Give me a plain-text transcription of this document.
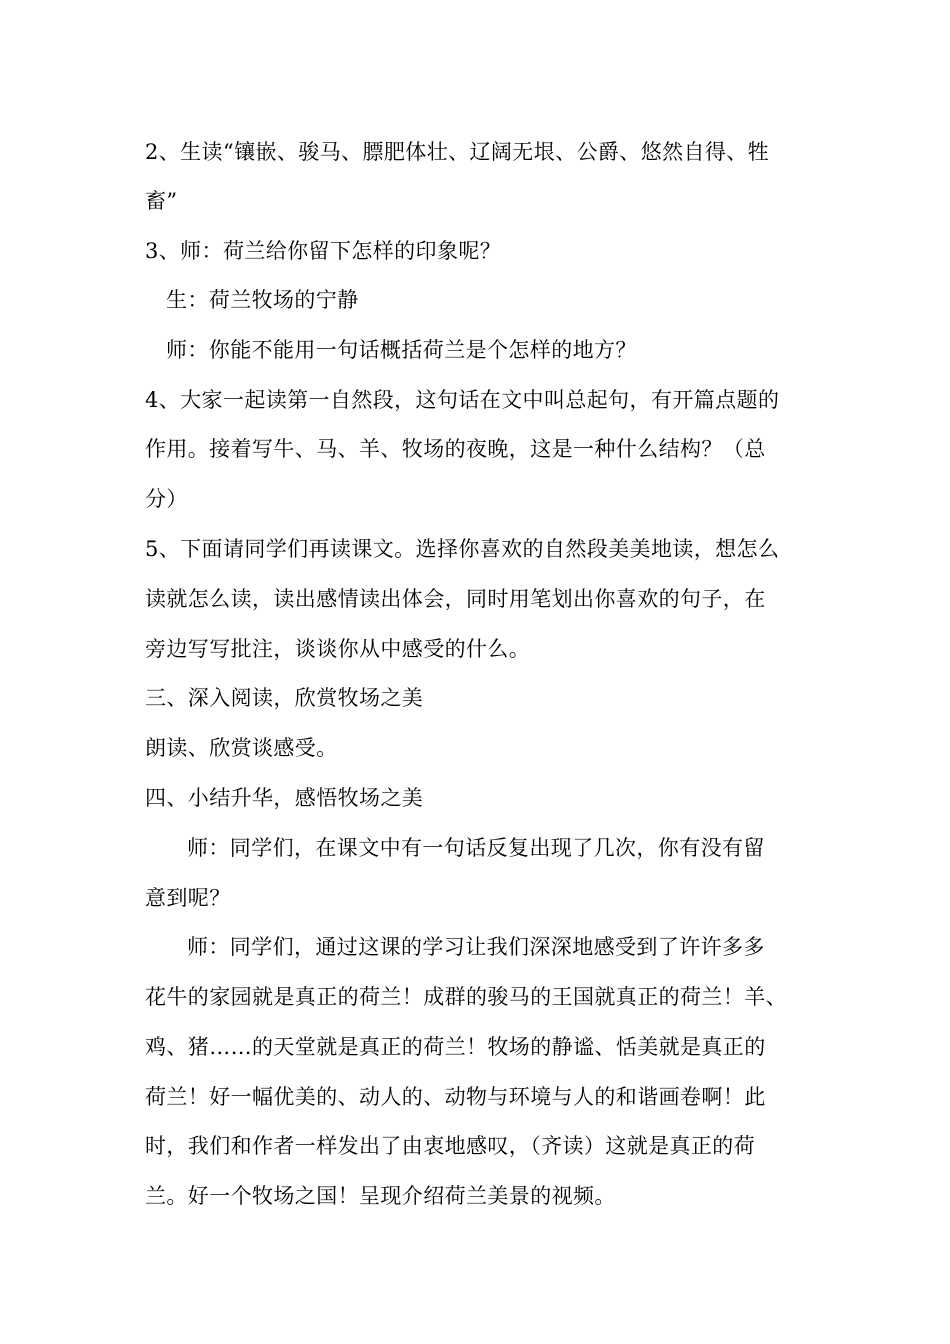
2、生读“镶嵌、骏马、膘肥体壮、辽阔无垠、公爵、悠然自得、牲
畜”
3、师：荷兰给你留下怎样的印象呢？
生：荷兰牧场的宁静
师：你能不能用一句话概括荷兰是个怎样的地方？
4、大家一起读第一自然段，这句话在文中叫总起句，有开篇点题的
作用。接着写牛、马、羊、牧场的夜晚，这是一种什么结构？（总
分）
5、下面请同学们再读课文。选择你喜欢的自然段美美地读，想怎么
读就怎么读，读出感情读出体会，同时用笔划出你喜欢的句子，在
旁边写写批注，谈谈你从中感受的什么。
三、深入阅读，欣赏牧场之美
朗读、欣赏谈感受。
四、小结升华，感悟牧场之美
师：同学们，在课文中有一句话反复出现了几次，你有没有留
意到呢？
师：同学们，通过这课的学习让我们深深地感受到了许许多多
花牛的家园就是真正的荷兰！成群的骏马的王国就真正的荷兰！羊、
鸡、猪……的天堂就是真正的荷兰！牧场的静谧、恬美就是真正的
荷兰！好一幅优美的、动人的、动物与环境与人的和谐画卷啊！此
时，我们和作者一样发出了由衷地感叹，（齐读）这就是真正的荷
兰。好一个牧场之国！呈现介绍荷兰美景的视频。
